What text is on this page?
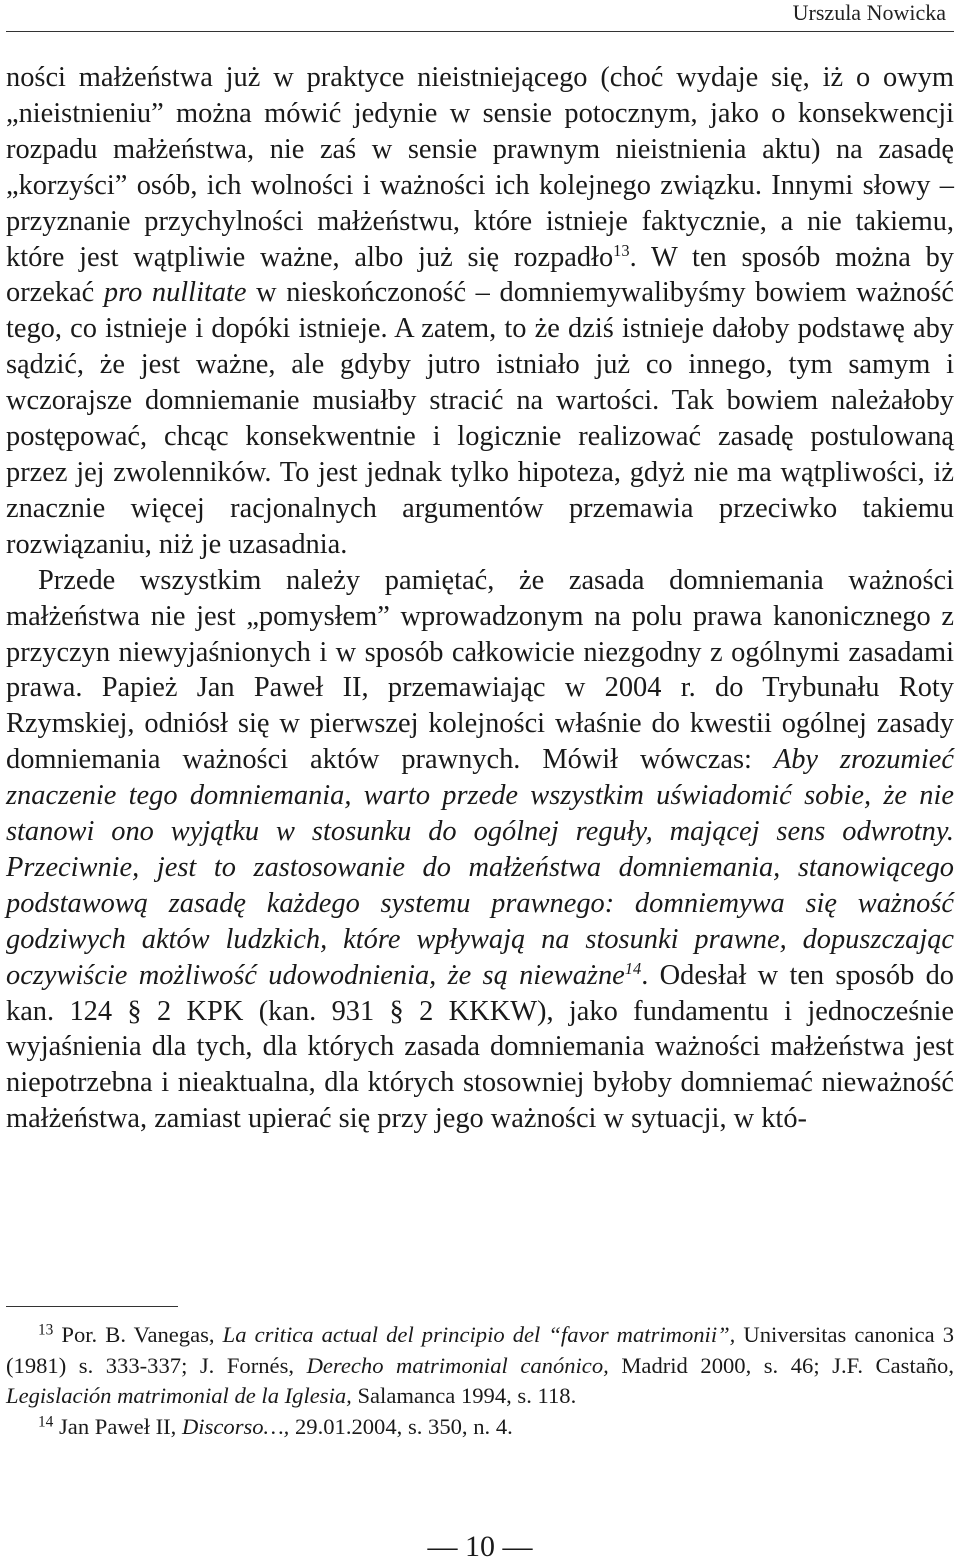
Urszula Nowicka

ności małżeństwa już w praktyce nieistniejącego (choć wydaje się, iż o owym „nieistnieniu” można mówić jedynie w sensie potocznym, jako o konsekwencji rozpadu małżeństwa, nie zaś w sensie prawnym nieistnienia aktu) na zasadę „korzyści” osób, ich wolności i ważności ich kolejnego związku. Innymi słowy – przyznanie przychylności małżeństwu, które istnieje faktycznie, a nie takiemu, które jest wątpliwie ważne, albo już się rozpadło$^{13}$. W ten sposób można by orzekać pro nullitate w nieskończoność – domniemywalibyśmy bowiem ważność tego, co istnieje i dopóki istnieje. A zatem, to że dziś istnieje dałoby podstawę aby sądzić, że jest ważne, ale gdyby jutro istniało już co innego, tym samym i wczorajsze domniemanie musiałby stracić na wartości. Tak bowiem należałoby postępować, chcąc konsekwentnie i logicznie realizować zasadę postulowaną przez jej zwolenników. To jest jednak tylko hipoteza, gdyż nie ma wątpliwości, iż znacznie więcej racjonalnych argumentów przemawia przeciwko takiemu rozwiązaniu, niż je uzasadnia.

Przede wszystkim należy pamiętać, że zasada domniemania ważności małżeństwa nie jest „pomysłem” wprowadzonym na polu prawa kanonicznego z przyczyn niewyjaśnionych i w sposób całkowicie niezgodny z ogólnymi zasadami prawa. Papież Jan Paweł II, przemawiając w 2004 r. do Trybunału Roty Rzymskiej, odniósł się w pierwszej kolejności właśnie do kwestii ogólnej zasady domniemania ważności aktów prawnych. Mówił wówczas: Aby zrozumieć znaczenie tego domniemania, warto przede wszystkim uświadomić sobie, że nie stanowi ono wyjątku w stosunku do ogólnej reguły, mającej sens odwrotny. Przeciwnie, jest to zastosowanie do małżeństwa domniemania, stanowiącego podstawową zasadę każdego systemu prawnego: domniemywa się ważność godziwych aktów ludzkich, które wpływają na stosunki prawne, dopuszczając oczywiście możliwość udowodnienia, że są nieważne$^{14}$. Odesłał w ten sposób do kan. 124 § 2 KPK (kan. 931 § 2 KKKW), jako fundamentu i jednocześnie wyjaśnienia dla tych, dla których zasada domniemania ważności małżeństwa jest niepotrzebna i nieaktualna, dla których stosowniej byłoby domniemać nieważność małżeństwa, zamiast upierać się przy jego ważności w sytuacji, w któ-

$^{13}$ Por. B. Vanegas, La critica actual del principio del “favor matrimonii”, Universitas canonica 3 (1981) s. 333-337; J. Fornés, Derecho matrimonial canónico, Madrid 2000, s. 46; J.F. Castaño, Legislación matrimonial de la Iglesia, Salamanca 1994, s. 118.

$^{14}$ Jan Paweł II, Discorso…, 29.01.2004, s. 350, n. 4.

— 10 —
